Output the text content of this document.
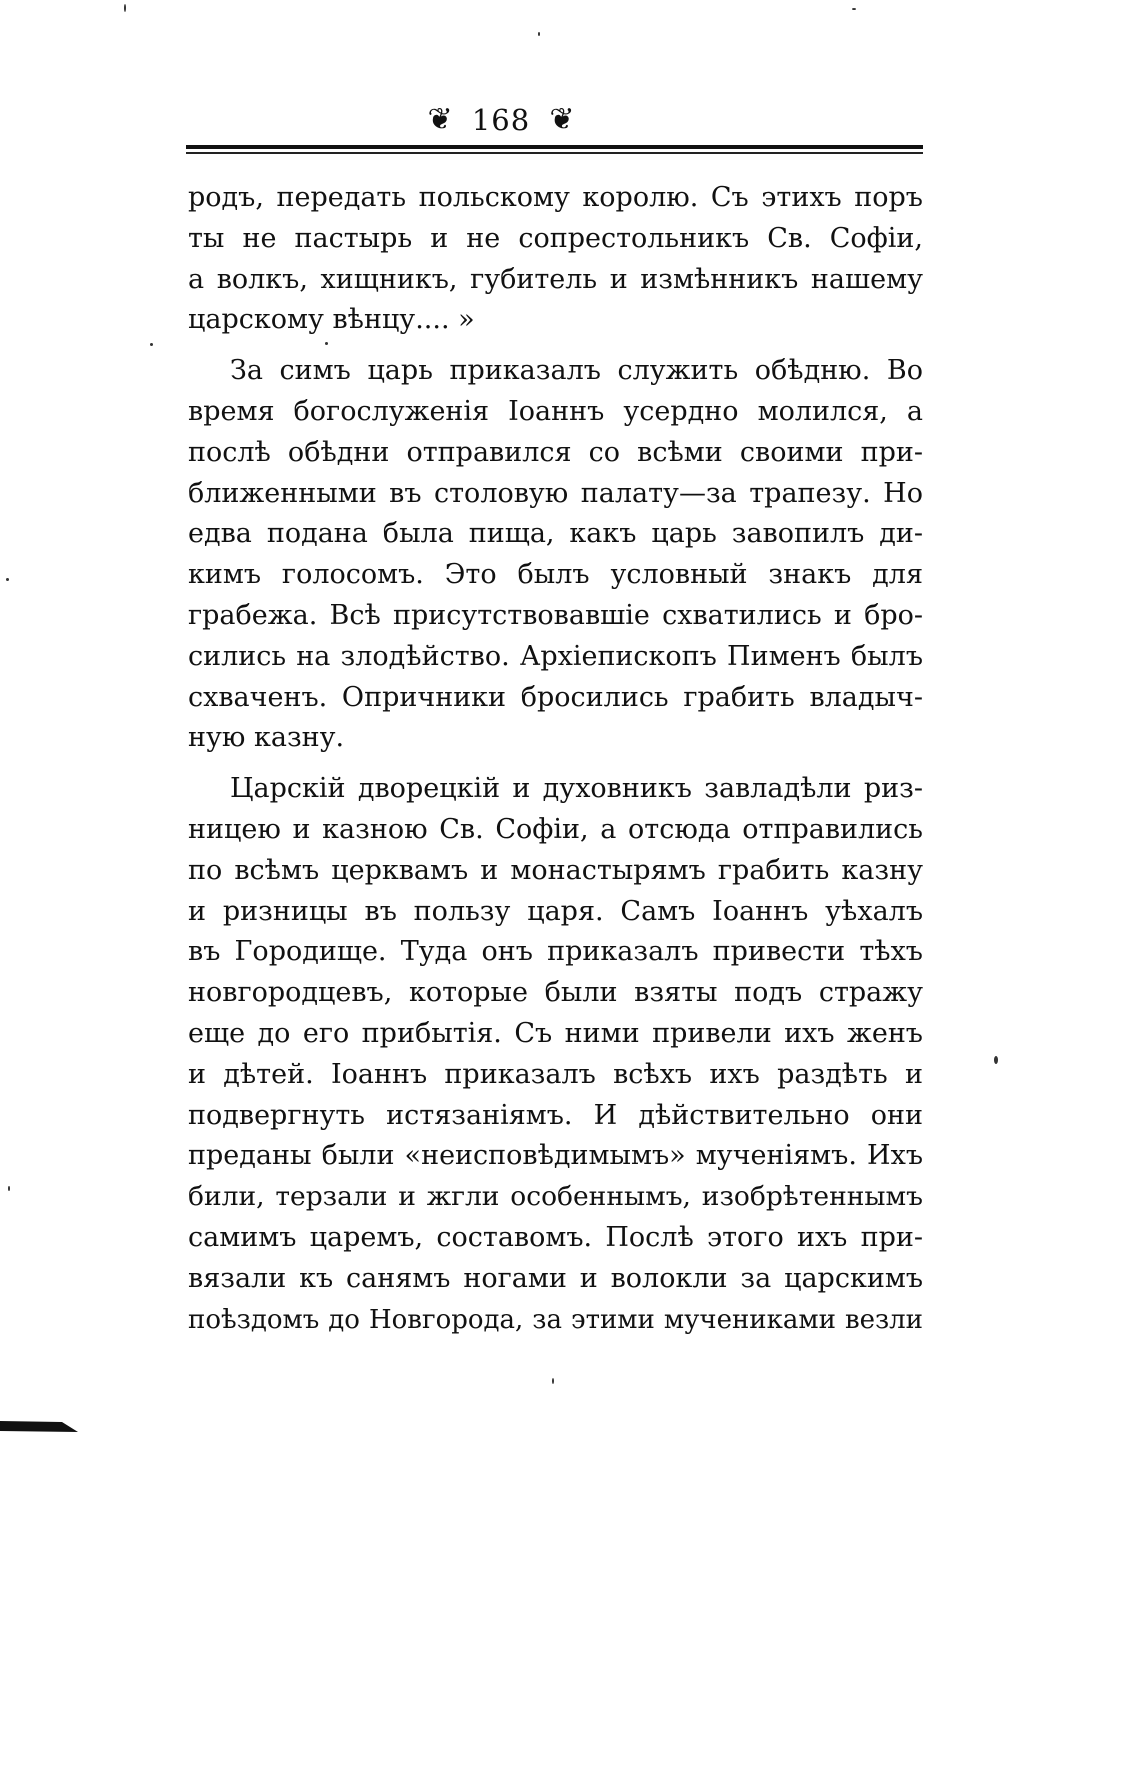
❦ 168 ❦
родъ, передать польскому королю. Съ этихъ поръ
ты не пастырь и не сопрестольникъ Св. Софіи,
а волкъ, хищникъ, губитель и измѣнникъ нашему
царскому вѣнцу.... »
За симъ царь приказалъ служить обѣдню. Во
время богослуженія Іоаннъ усердно молился, а
послѣ обѣдни отправился со всѣми своими при-
ближенными въ столовую палату—за трапезу. Но
едва подана была пища, какъ царь завопилъ ди-
кимъ голосомъ. Это былъ условный знакъ для
грабежа. Всѣ присутствовавшіе схватились и бро-
сились на злодѣйство. Архіепископъ Пименъ былъ
схваченъ. Опричники бросились грабить владыч-
ную казну.
Царскій дворецкій и духовникъ завладѣли риз-
ницею и казною Св. Софіи, а отсюда отправились
по всѣмъ церквамъ и монастырямъ грабить казну
и ризницы въ пользу царя. Самъ Іоаннъ уѣхалъ
въ Городище. Туда онъ приказалъ привести тѣхъ
новгородцевъ, которые были взяты подъ стражу
еще до его прибытія. Съ ними привели ихъ женъ
и дѣтей. Іоаннъ приказалъ всѣхъ ихъ раздѣть и
подвергнуть истязаніямъ. И дѣйствительно они
преданы были «неисповѣдимымъ» мученіямъ. Ихъ
били, терзали и жгли особеннымъ, изобрѣтеннымъ
самимъ царемъ, составомъ. Послѣ этого ихъ при-
вязали къ санямъ ногами и волокли за царскимъ
поѣздомъ до Новгорода, за этими мучениками везли
